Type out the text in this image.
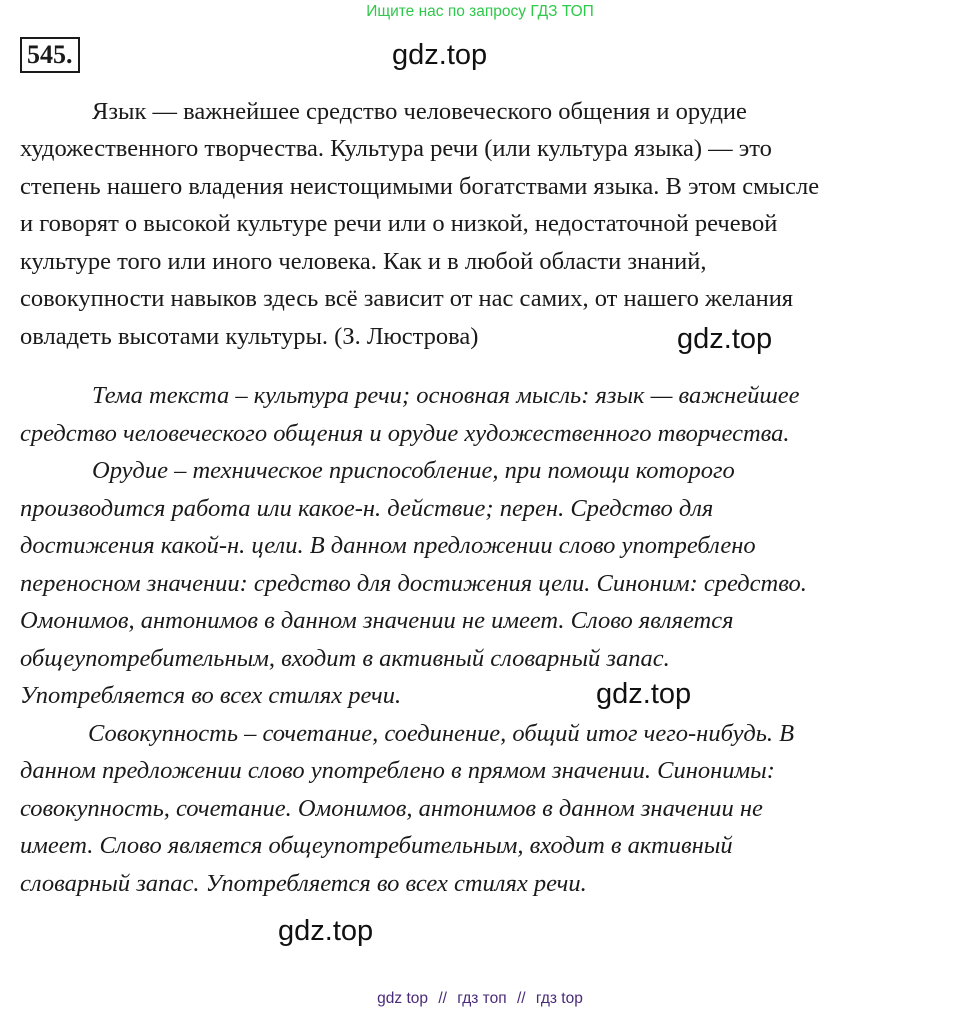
Ищите нас по запросу ГДЗ ТОП
545.	gdz.top
gdz.top
gdz.top
gdz.top
Язык — важнейшее средство человеческого общения и орудие
художественного творчества. Культура речи (или культура языка) — это
степень нашего владения неистощимыми богатствами языка. В этом смысле
и говорят о высокой культуре речи или о низкой, недостаточной речевой
культуре того или иного человека. Как и в любой области знаний,
совокупности навыков здесь всё зависит от нас самих, от нашего желания
овладеть высотами культуры. (З. Люстрова)
Тема текста – культура речи; основная мысль: язык — важнейшее
средство человеческого общения и орудие художественного творчества.
Орудие – техническое приспособление, при помощи которого
производится работа или какое-н. действие; перен. Средство для
достижения какой-н. цели. В данном предложении слово употреблено
переносном значении: средство для достижения цели. Синоним: средство.
Омонимов, антонимов в данном значении не имеет. Слово является
общеупотребительным, входит в активный словарный запас.
Употребляется во всех стилях речи.
Совокупность – сочетание, соединение, общий итог чего-нибудь. В
данном предложении слово употреблено в прямом значении. Синонимы:
совокупность, сочетание. Омонимов, антонимов в данном значении не
имеет. Слово является общеупотребительным, входит в активный
словарный запас. Употребляется во всех стилях речи.
gdz top // гдз топ // гдз top
